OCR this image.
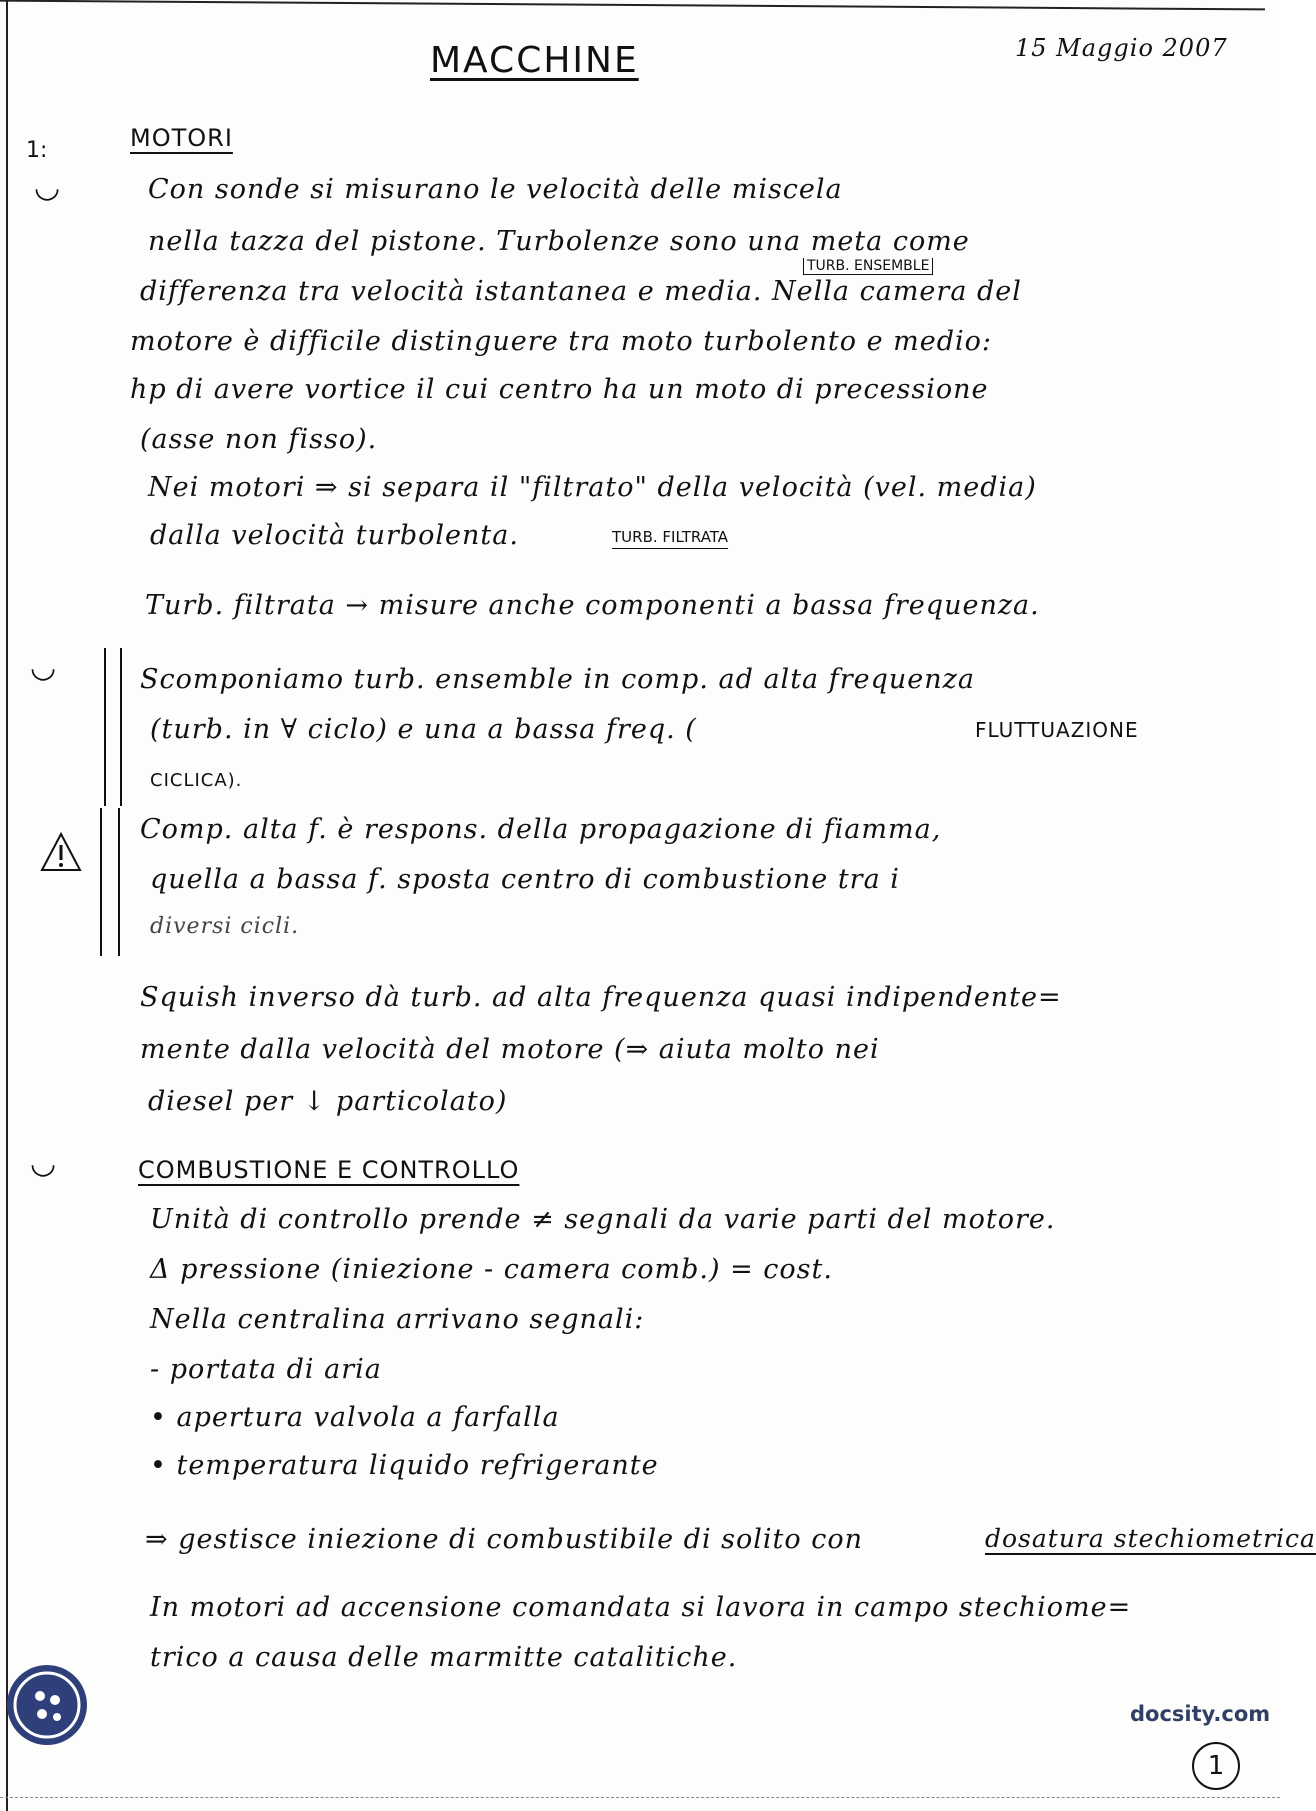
MACCHINE	15 Maggio 2007
1:
◡
MOTORI
Con sonde si misurano le velocità delle miscela
nella tazza del pistone. Turbolenze sono una meta come
TURB. ENSEMBLE
differenza tra velocità istantanea e media. Nella camera del
motore è difficile distinguere tra moto turbolento e medio:
hp di avere vortice il cui centro ha un moto di precessione
(asse non fisso).
Nei motori ⇒ si separa il "filtrato" della velocità (vel. media)
dalla velocità turbolenta.	TURB. FILTRATA
Turb. filtrata → misure anche componenti a bassa frequenza.
◡	Scomponiamo turb. ensemble in comp. ad alta frequenza
(turb. in ∀ ciclo) e una a bassa freq. (	FLUTTUAZIONE
CICLICA).
Comp. alta f. è respons. della propagazione di fiamma,
quella a bassa f. sposta centro di combustione tra i
diversi cicli.
Squish inverso dà turb. ad alta frequenza quasi indipendente=
mente dalla velocità del motore (⇒ aiuta molto nei
diesel per ↓ particolato)
◡	COMBUSTIONE E CONTROLLO
Unità di controllo prende ≠ segnali da varie parti del motore.
Δ pressione (iniezione - camera comb.) = cost.
Nella centralina arrivano segnali:
- portata di aria
• apertura valvola a farfalla
• temperatura liquido refrigerante
⇒ gestisce iniezione di combustibile di solito con	dosatura stechiometrica
In motori ad accensione comandata si lavora in campo stechiome=
trico a causa delle marmitte catalitiche.
docsity.com
1
